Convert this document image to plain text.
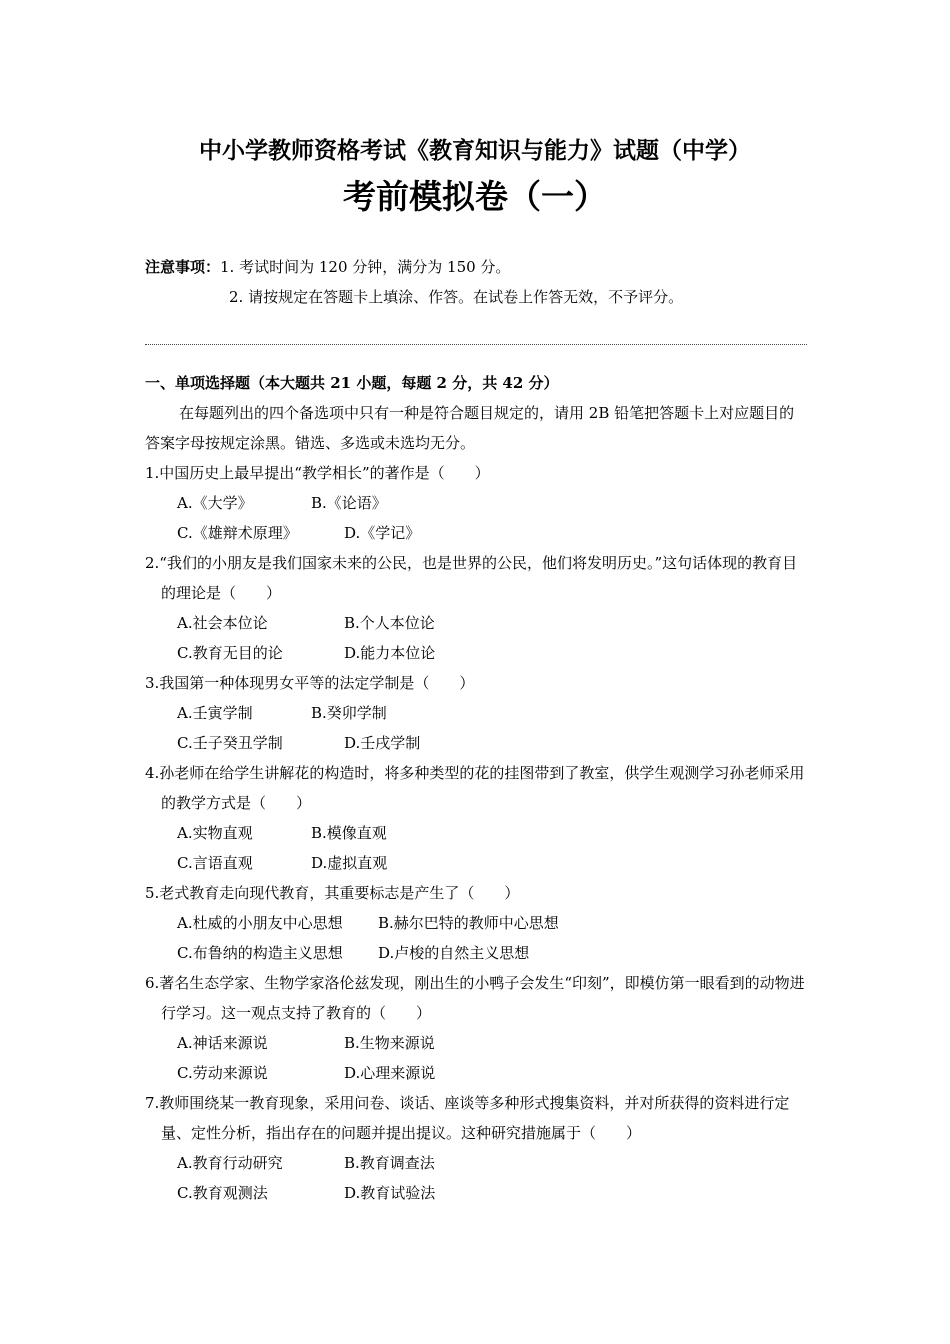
中小学教师资格考试《教育知识与能力》试题（中学）
考前模拟卷（一）
注意事项：1. 考试时间为 120 分钟，满分为 150 分。
2. 请按规定在答题卡上填涂、作答。在试卷上作答无效，不予评分。
一、单项选择题（本大题共 21 小题，每题 2 分，共 42 分）
在每题列出的四个备选项中只有一种是符合题目规定的，请用 2B 铅笔把答题卡上对应题目的答案字母按规定涂黑。错选、多选或未选均无分。
1.中国历史上最早提出“教学相长”的著作是（　　）
A.《大学》	B.《论语》
C.《雄辩术原理》	D.《学记》
2.“我们的小朋友是我们国家未来的公民，也是世界的公民，他们将发明历史。”这句话体现的教育目的理论是（　　）
A.社会本位论	B.个人本位论
C.教育无目的论	D.能力本位论
3.我国第一种体现男女平等的法定学制是（　　）
A.壬寅学制	B.癸卯学制
C.壬子癸丑学制	D.壬戌学制
4.孙老师在给学生讲解花的构造时，将多种类型的花的挂图带到了教室，供学生观测学习孙老师采用的教学方式是（　　）
A.实物直观	B.模像直观
C.言语直观	D.虚拟直观
5.老式教育走向现代教育，其重要标志是产生了（　　）
A.杜威的小朋友中心思想	B.赫尔巴特的教师中心思想
C.布鲁纳的构造主义思想	D.卢梭的自然主义思想
6.著名生态学家、生物学家洛伦兹发现，刚出生的小鸭子会发生“印刻”，即模仿第一眼看到的动物进行学习。这一观点支持了教育的（　　）
A.神话来源说	B.生物来源说
C.劳动来源说	D.心理来源说
7.教师围绕某一教育现象，采用问卷、谈话、座谈等多种形式搜集资料，并对所获得的资料进行定量、定性分析，指出存在的问题并提出提议。这种研究措施属于（　　）
A.教育行动研究	B.教育调查法
C.教育观测法	D.教育试验法
